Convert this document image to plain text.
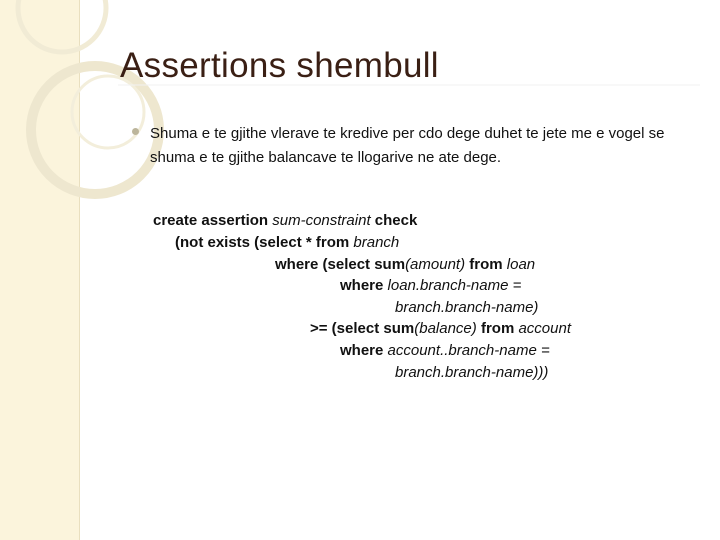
Assertions shembull
Shuma e te gjithe vlerave te kredive per cdo dege duhet te jete me e vogel se shuma e te gjithe balancave te llogarive ne ate dege.
create assertion sum-constraint check
(not exists (select * from branch
where (select sum(amount) from loan
where loan.branch-name =
branch.branch-name)
>= (select sum(balance) from account
where account..branch-name =
branch.branch-name)))
